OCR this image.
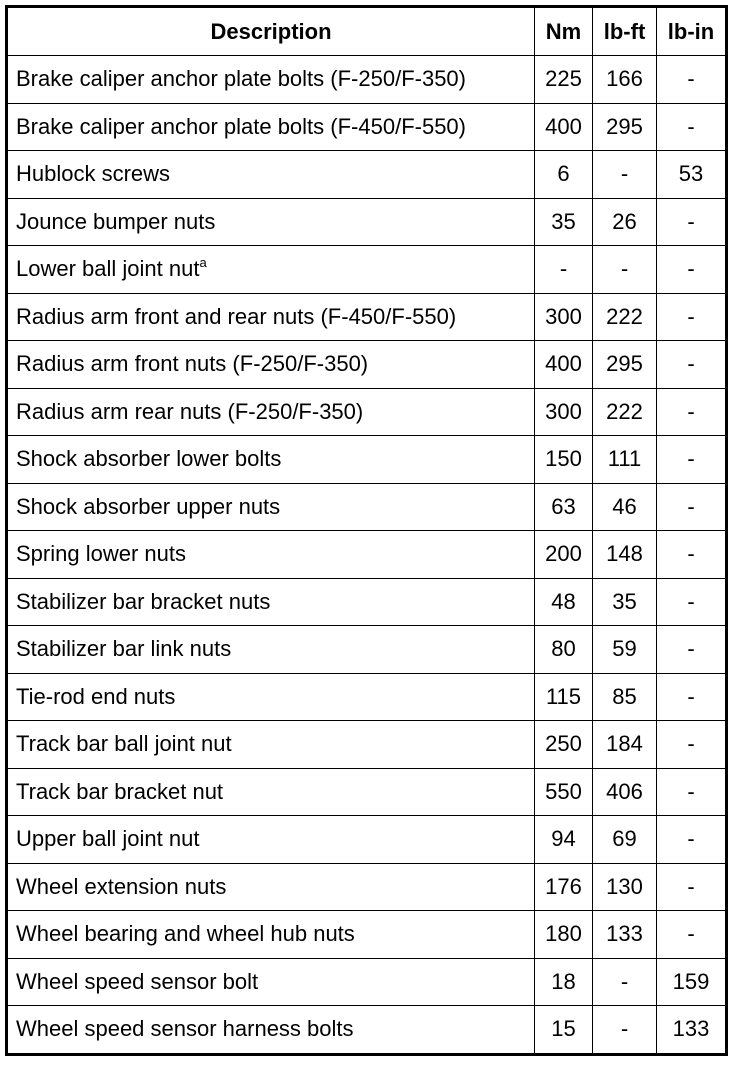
Description	Nm	lb-ft	lb-in
Brake caliper anchor plate bolts (F-250/F-350)	225	166	-
Brake caliper anchor plate bolts (F-450/F-550)	400	295	-
Hublock screws	6	-	53
Jounce bumper nuts	35	26	-
Lower ball joint nut$^a$	-	-	-
Radius arm front and rear nuts (F-450/F-550)	300	222	-
Radius arm front nuts (F-250/F-350)	400	295	-
Radius arm rear nuts (F-250/F-350)	300	222	-
Shock absorber lower bolts	150	111	-
Shock absorber upper nuts	63	46	-
Spring lower nuts	200	148	-
Stabilizer bar bracket nuts	48	35	-
Stabilizer bar link nuts	80	59	-
Tie-rod end nuts	115	85	-
Track bar ball joint nut	250	184	-
Track bar bracket nut	550	406	-
Upper ball joint nut	94	69	-
Wheel extension nuts	176	130	-
Wheel bearing and wheel hub nuts	180	133	-
Wheel speed sensor bolt	18	-	159
Wheel speed sensor harness bolts	15	-	133
